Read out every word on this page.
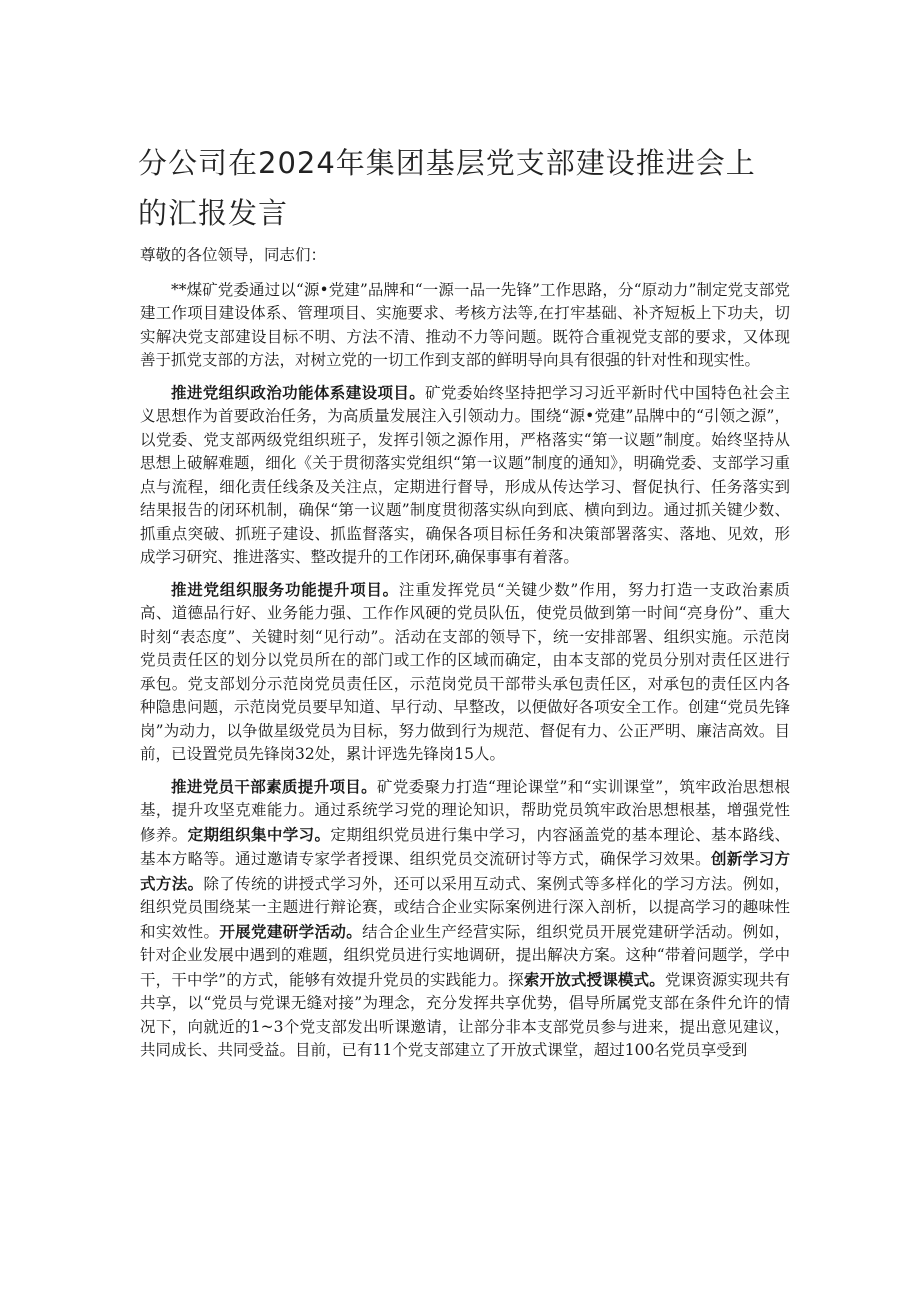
分公司在2024年集团基层党支部建设推进会上的汇报发言

尊敬的各位领导，同志们：

**煤矿党委通过以“源•党建”品牌和“一源一品一先锋”工作思路，分“原动力”制定党支部党建工作项目建设体系、管理项目、实施要求、考核方法等,在打牢基础、补齐短板上下功夫，切实解决党支部建设目标不明、方法不清、推动不力等问题。既符合重视党支部的要求，又体现善于抓党支部的方法，对树立党的一切工作到支部的鲜明导向具有很强的针对性和现实性。

推进党组织政治功能体系建设项目。矿党委始终坚持把学习习近平新时代中国特色社会主义思想作为首要政治任务，为高质量发展注入引领动力。围绕“源•党建”品牌中的“引领之源”，以党委、党支部两级党组织班子，发挥引领之源作用，严格落实“第一议题”制度。始终坚持从思想上破解难题，细化《关于贯彻落实党组织“第一议题”制度的通知》，明确党委、支部学习重点与流程，细化责任线条及关注点，定期进行督导，形成从传达学习、督促执行、任务落实到结果报告的闭环机制，确保“第一议题”制度贯彻落实纵向到底、横向到边。通过抓关键少数、抓重点突破、抓班子建设、抓监督落实，确保各项目标任务和决策部署落实、落地、见效，形成学习研究、推进落实、整改提升的工作闭环,确保事事有着落。

推进党组织服务功能提升项目。注重发挥党员“关键少数”作用，努力打造一支政治素质高、道德品行好、业务能力强、工作作风硬的党员队伍，使党员做到第一时间“亮身份”、重大时刻“表态度”、关键时刻“见行动”。活动在支部的领导下，统一安排部署、组织实施。示范岗党员责任区的划分以党员所在的部门或工作的区域而确定，由本支部的党员分别对责任区进行承包。党支部划分示范岗党员责任区，示范岗党员干部带头承包责任区，对承包的责任区内各种隐患问题，示范岗党员要早知道、早行动、早整改，以便做好各项安全工作。创建“党员先锋岗”为动力，以争做星级党员为目标，努力做到行为规范、督促有力、公正严明、廉洁高效。目前，已设置党员先锋岗32处，累计评选先锋岗15人。

推进党员干部素质提升项目。矿党委聚力打造“理论课堂”和“实训课堂”，筑牢政治思想根基，提升攻坚克难能力。通过系统学习党的理论知识，帮助党员筑牢政治思想根基，增强党性修养。定期组织集中学习。定期组织党员进行集中学习，内容涵盖党的基本理论、基本路线、基本方略等。通过邀请专家学者授课、组织党员交流研讨等方式，确保学习效果。创新学习方式方法。除了传统的讲授式学习外，还可以采用互动式、案例式等多样化的学习方法。例如，组织党员围绕某一主题进行辩论赛，或结合企业实际案例进行深入剖析，以提高学习的趣味性和实效性。开展党建研学活动。结合企业生产经营实际，组织党员开展党建研学活动。例如，针对企业发展中遇到的难题，组织党员进行实地调研，提出解决方案。这种“带着问题学，学中干，干中学”的方式，能够有效提升党员的实践能力。探索开放式授课模式。党课资源实现共有共享，以“党员与党课无缝对接”为理念，充分发挥共享优势，倡导所属党支部在条件允许的情况下，向就近的1~3个党支部发出听课邀请，让部分非本支部党员参与进来，提出意见建议，共同成长、共同受益。目前，已有11个党支部建立了开放式课堂，超过100名党员享受到
